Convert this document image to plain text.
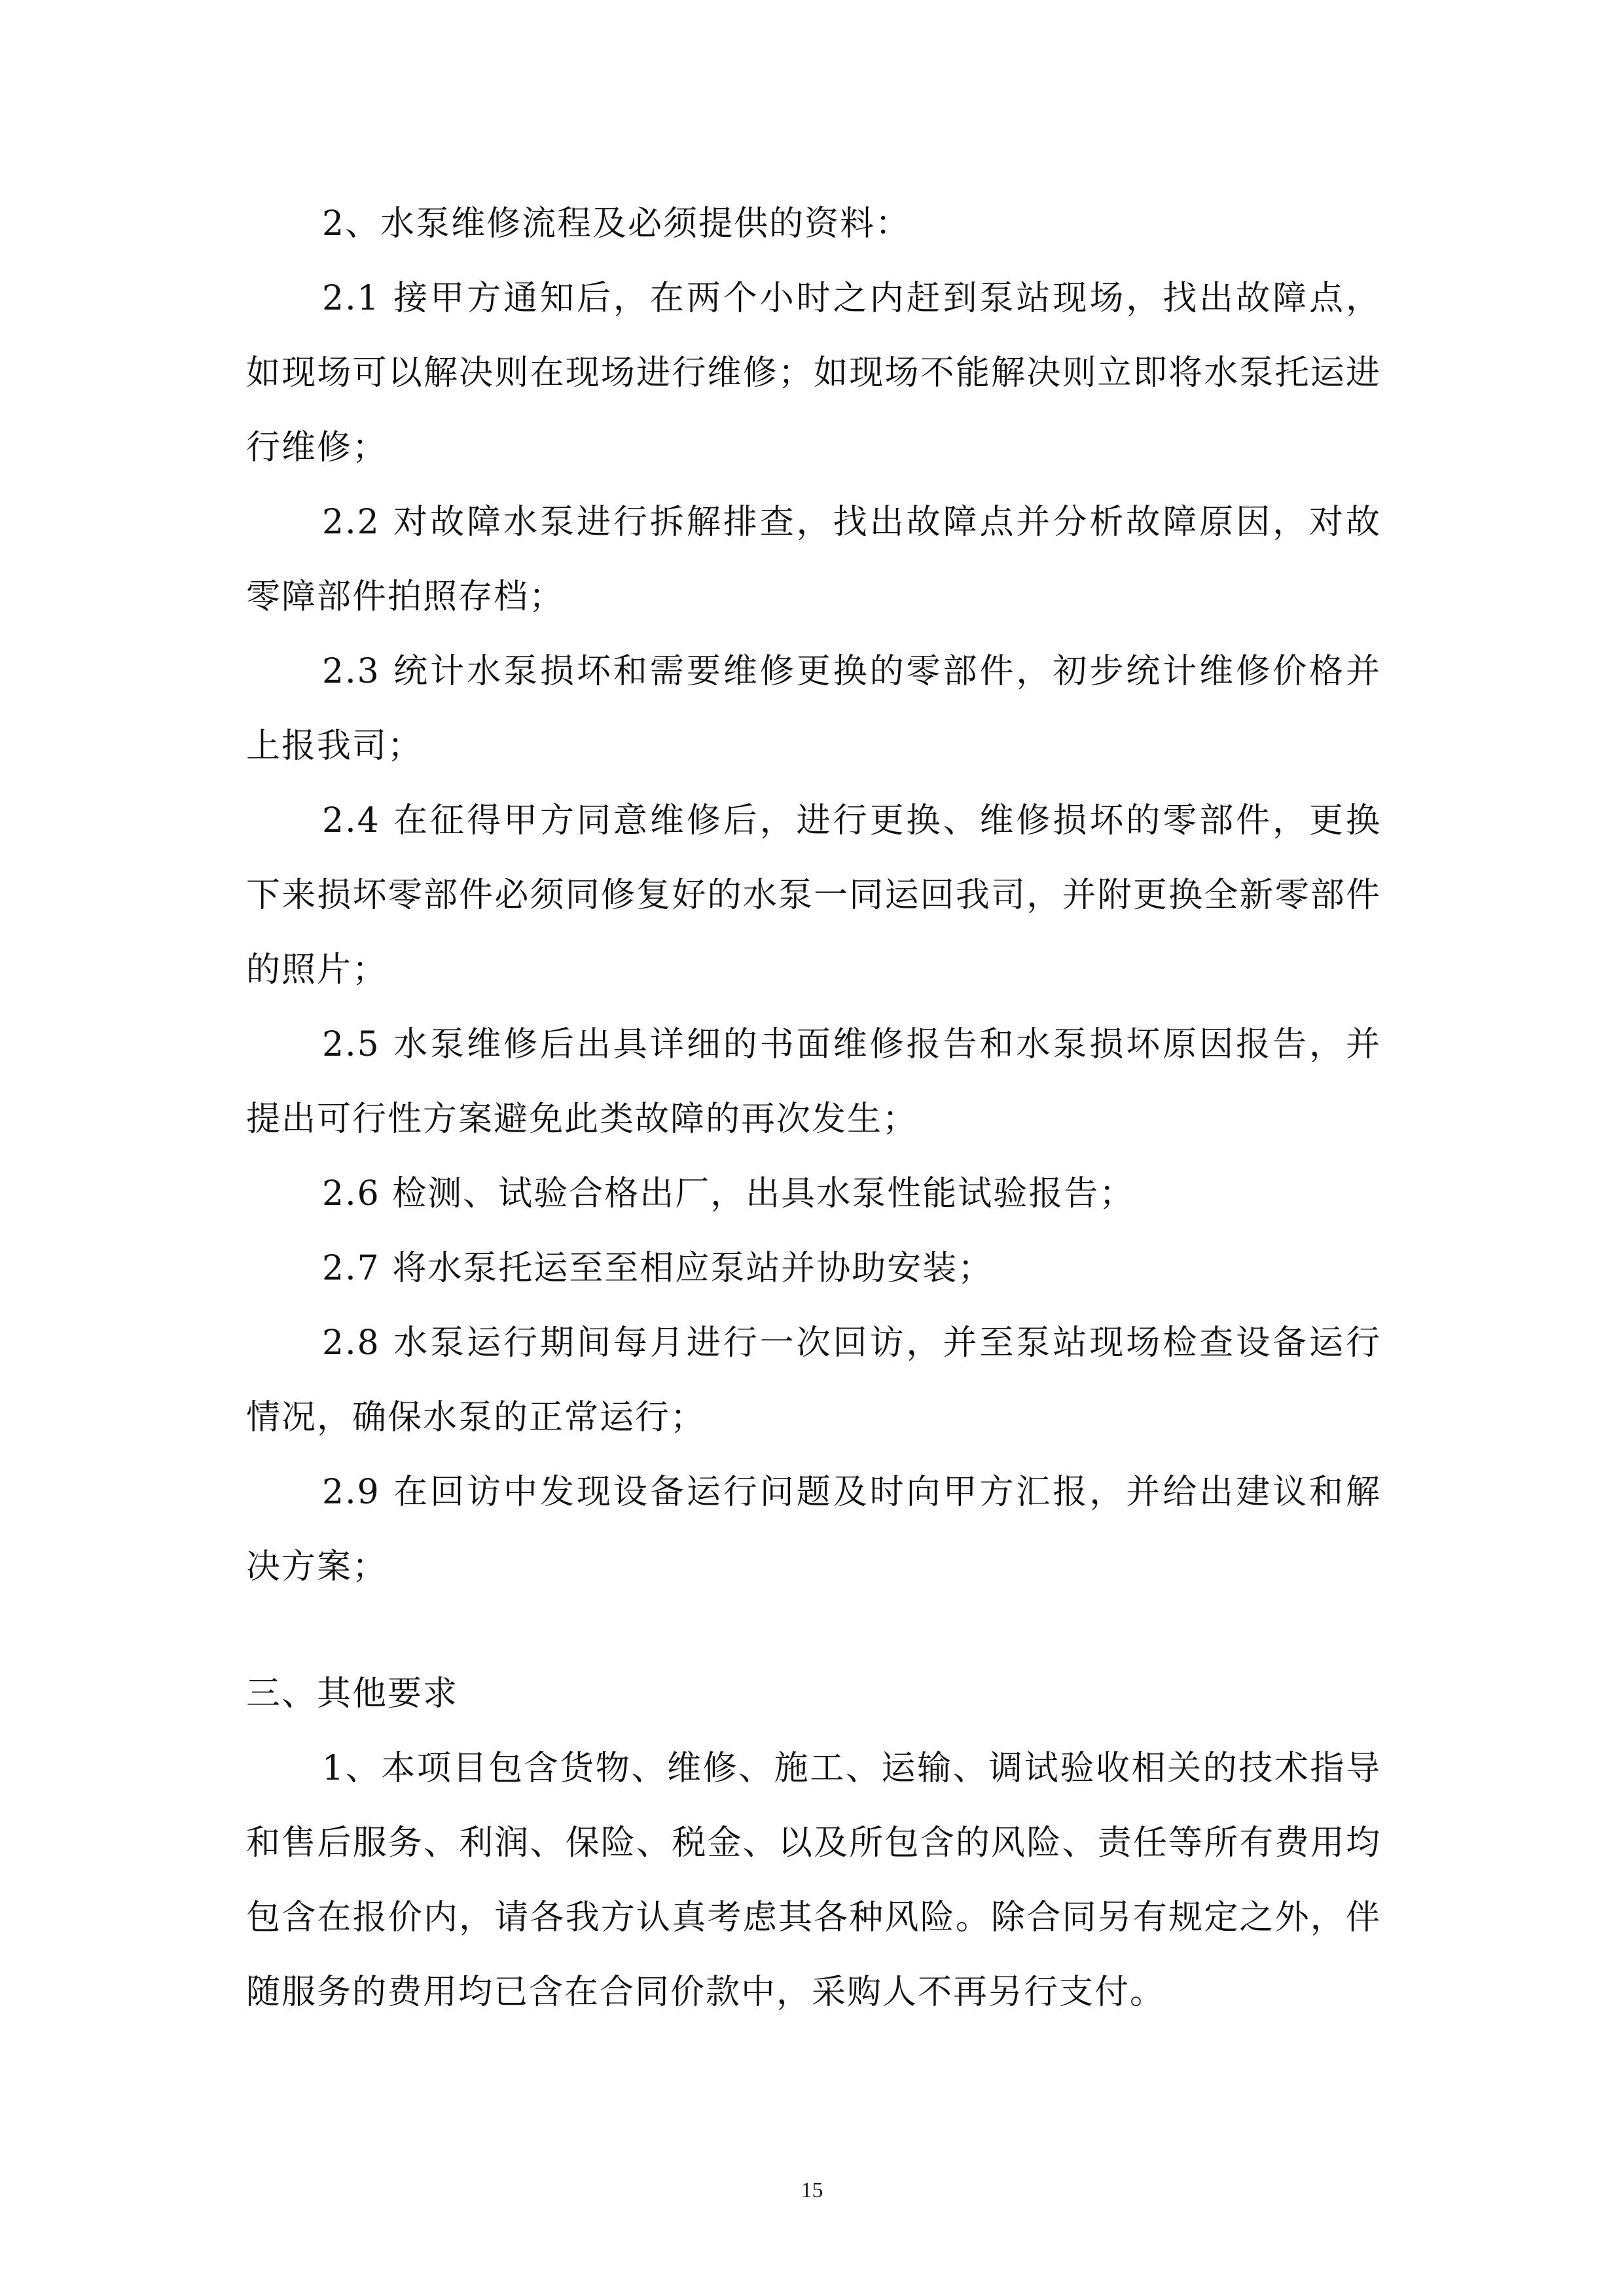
2、水泵维修流程及必须提供的资料：

2.1 接甲方通知后，在两个小时之内赶到泵站现场，找出故障点，如现场可以解决则在现场进行维修；如现场不能解决则立即将水泵托运进行维修；

2.2 对故障水泵进行拆解排查，找出故障点并分析故障原因，对故零障部件拍照存档；

2.3 统计水泵损坏和需要维修更换的零部件，初步统计维修价格并上报我司；

2.4 在征得甲方同意维修后，进行更换、维修损坏的零部件，更换下来损坏零部件必须同修复好的水泵一同运回我司，并附更换全新零部件的照片；

2.5 水泵维修后出具详细的书面维修报告和水泵损坏原因报告，并提出可行性方案避免此类故障的再次发生；

2.6 检测、试验合格出厂，出具水泵性能试验报告；

2.7 将水泵托运至至相应泵站并协助安装；

2.8 水泵运行期间每月进行一次回访，并至泵站现场检查设备运行情况，确保水泵的正常运行；

2.9 在回访中发现设备运行问题及时向甲方汇报，并给出建议和解决方案；

三、其他要求

1、本项目包含货物、维修、施工、运输、调试验收相关的技术指导和售后服务、利润、保险、税金、以及所包含的风险、责任等所有费用均包含在报价内，请各我方认真考虑其各种风险。除合同另有规定之外，伴随服务的费用均已含在合同价款中，采购人不再另行支付。

15
